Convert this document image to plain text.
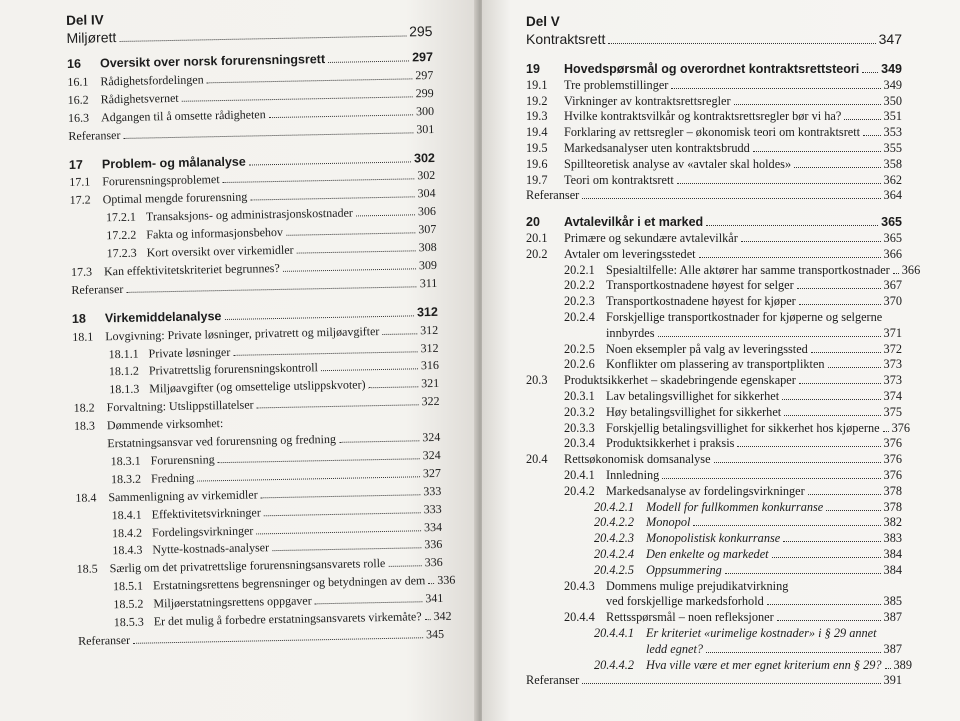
Del IV
Miljørett	295
16	Oversikt over norsk forurensningsrett	297
16.1 Rådighetsfordelingen	297
16.2 Rådighetsvernet	299
16.3 Adgangen til å omsette rådigheten	300
Referanser	301
17	Problem- og målanalyse	302
17.1 Forurensningsproblemet	302
17.2 Optimal mengde forurensning	304
17.2.1 Transaksjons- og administrasjonskostnader	306
17.2.2 Fakta og informasjonsbehov	307
17.2.3 Kort oversikt over virkemidler	308
17.3 Kan effektivitetskriteriet begrunnes?	309
Referanser	311
18	Virkemiddelanalyse	312
18.1 Lovgivning: Private løsninger, privatrett og miljøavgifter	312
18.1.1 Private løsninger	312
18.1.2 Privatrettslig forurensningskontroll	316
18.1.3 Miljøavgifter (og omsettelige utslippskvoter)	321
18.2 Forvaltning: Utslippstillatelser	322
18.3 Dømmende virksomhet:
Erstatningsansvar ved forurensning og fredning	324
18.3.1 Forurensning	324
18.3.2 Fredning	327
18.4 Sammenligning av virkemidler	333
18.4.1 Effektivitetsvirkninger	333
18.4.2 Fordelingsvirkninger	334
18.4.3 Nytte-kostnads-analyser	336
18.5 Særlig om det privatrettslige forurensningsansvarets rolle	336
18.5.1 Erstatningsrettens begrensninger og betydningen av dem 336
18.5.2 Miljøerstatningsrettens oppgaver	341
18.5.3 Er det mulig å forbedre erstatningsansvarets virkemåte? 342
Referanser	345
Del V
Kontraktsrett	347
19	Hovedspørsmål og overordnet kontraktsrettsteori 349
19.1	Tre problemstillinger	349
19.2	Virkninger av kontraktsrettsregler	350
19.3	Hvilke kontraktsvilkår og kontraktsrettsregler bør vi ha?	351
19.4	Forklaring av rettsregler – økonomisk teori om kontraktsrett 353
19.5	Markedsanalyser uten kontraktsbrudd	355
19.6	Spillteoretisk analyse av «avtaler skal holdes»	358
19.7	Teori om kontraktsrett	362
Referanser	364
20	Avtalevilkår i et marked	365
20.1	Primære og sekundære avtalevilkår	365
20.2	Avtaler om leveringsstedet	366
20.2.1 Spesialtilfelle: Alle aktører har samme transportkostnader 366
20.2.2 Transportkostnadene høyest for selger	367
20.2.3 Transportkostnadene høyest for kjøper	370
20.2.4 Forskjellige transportkostnader for kjøperne og selgerne
innbyrdes	371
20.2.5 Noen eksempler på valg av leveringssted	372
20.2.6 Konflikter om plassering av transportplikten	373
20.3	Produktsikkerhet – skadebringende egenskaper	373
20.3.1 Lav betalingsvillighet for sikkerhet	374
20.3.2 Høy betalingsvillighet for sikkerhet	375
20.3.3 Forskjellig betalingsvillighet for sikkerhet hos kjøperne 376
20.3.4 Produktsikkerhet i praksis	376
20.4	Rettsøkonomisk domsanalyse	376
20.4.1 Innledning	376
20.4.2 Markedsanalyse av fordelingsvirkninger	378
20.4.2.1 Modell for fullkommen konkurranse	378
20.4.2.2 Monopol	382
20.4.2.3 Monopolistisk konkurranse	383
20.4.2.4 Den enkelte og markedet	384
20.4.2.5 Oppsummering	384
20.4.3 Dommens mulige prejudikatvirkning
ved forskjellige markedsforhold	385
20.4.4 Rettsspørsmål – noen refleksjoner	387
20.4.4.1 Er kriteriet «urimelige kostnader» i § 29 annet
ledd egnet?	387
20.4.4.2 Hva ville være et mer egnet kriterium enn § 29? 389
Referanser	391
